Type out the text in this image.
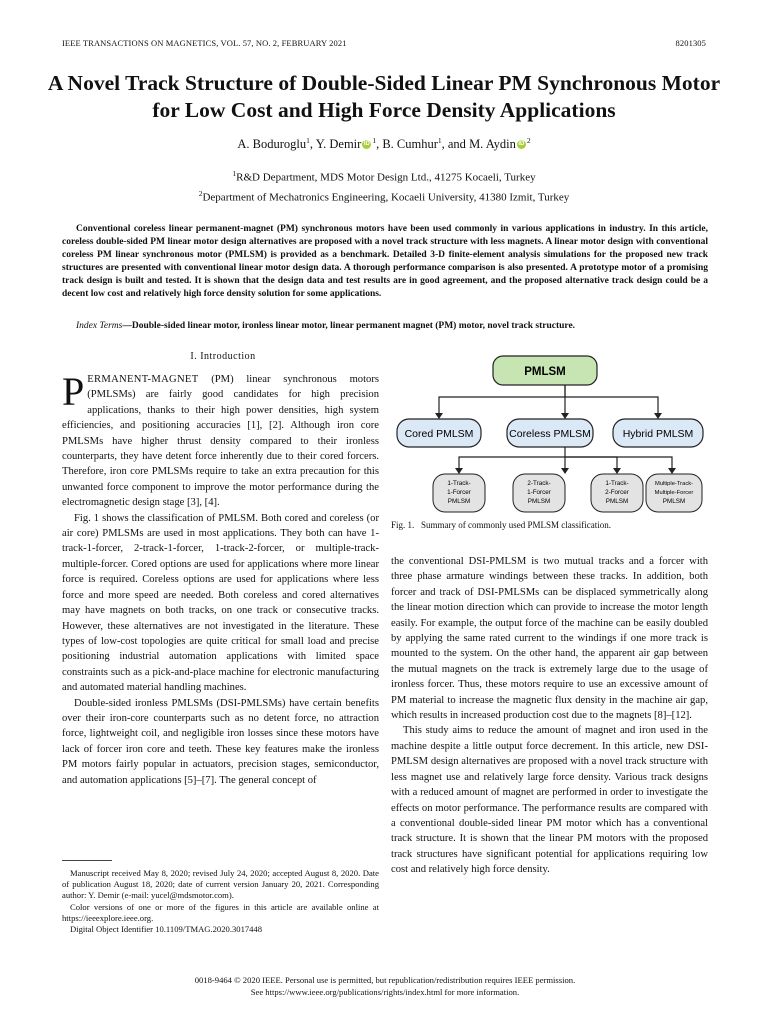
IEEE TRANSACTIONS ON MAGNETICS, VOL. 57, NO. 2, FEBRUARY 2021	8201305
A Novel Track Structure of Double-Sided Linear PM Synchronous Motor for Low Cost and High Force Density Applications
A. Boduroglu$^1$, Y. Demir iD $^1$, B. Cumhur$^1$, and M. Aydin iD $^2$
$^1$R&D Department, MDS Motor Design Ltd., 41275 Kocaeli, Turkey
$^2$Department of Mechatronics Engineering, Kocaeli University, 41380 Izmit, Turkey

Conventional coreless linear permanent-magnet (PM) synchronous motors have been used commonly in various applications in industry. In this article, coreless double-sided PM linear motor design alternatives are proposed with a novel track structure with less magnets. A linear motor design with conventional coreless PM linear synchronous motor (PMLSM) is provided as a benchmark. Detailed 3-D finite-element analysis simulations for the proposed new track structures are presented with conventional linear motor design data. A thorough performance comparison is also presented. A prototype motor of a promising track design is built and tested. It is shown that the design data and test results are in good agreement, and the proposed alternative track design could be a decent low cost and relatively high force density solution for some applications.

Index Terms—Double-sided linear motor, ironless linear motor, linear permanent magnet (PM) motor, novel track structure.

I. Introduction

PERMANENT-MAGNET (PM) linear synchronous motors (PMLSMs) are fairly good candidates for high precision applications, thanks to their high power densities, high system efficiencies, and positioning accuracies [1], [2]. Although iron core PMLSMs have higher thrust density compared to their ironless counterparts, they have detent force inherently due to their cored forcers. Therefore, iron core PMLSMs require to take an extra precaution for this unwanted force component to improve the motor performance during the electromagnetic design stage [3], [4].

Fig. 1 shows the classification of PMLSM. Both cored and coreless (or air core) PMLSMs are used in most applications. They both can have 1-track-1-forcer, 2-track-1-forcer, 1-track-2-forcer, or multiple-track-multiple-forcer. Cored options are used for applications where more linear force is required. Coreless options are used for applications where less force and more speed are needed. Both coreless and cored alternatives may have magnets on both tracks, on one track or consecutive tracks. However, these alternatives are not investigated in the literature. These types of low-cost topologies are quite critical for small load and precise positioning industrial automation applications with limited space constraints such as a pick-and-place machine for electronic manufacturing and automated material handling machines.

Double-sided ironless PMLSMs (DSI-PMLSMs) have certain benefits over their iron-core counterparts such as no detent force, no attraction force, lightweight coil, and negligible iron losses since these motors have lack of forcer iron core and teeth. These key features make the ironless PM motors fairly popular in actuators, precision stages, semiconductor, and automation applications [5]–[7]. The general concept of

Manuscript received May 8, 2020; revised July 24, 2020; accepted August 8, 2020. Date of publication August 18, 2020; date of current version January 20, 2021. Corresponding author: Y. Demir (e-mail: yucel@mdsmotor.com).
Color versions of one or more of the figures in this article are available online at https://ieeexplore.ieee.org.
Digital Object Identifier 10.1109/TMAG.2020.3017448
PMLSM
Cored PMLSM	Coreless PMLSM	Hybrid PMLSM
1-Track-
1-Forcer
PMLSM
2-Track-
1-Forcer
PMLSM
1-Track-
2-Forcer
PMLSM
Multiple-Track-
Multiple-Forcer
PMLSM
Fig. 1.   Summary of commonly used PMLSM classification.

the conventional DSI-PMLSM is two mutual tracks and a forcer with three phase armature windings between these tracks. In addition, both forcer and track of DSI-PMLSMs can be displaced symmetrically along the linear motion direction which can provide to increase the motor length easily. For example, the output force of the machine can be easily doubled by applying the same rated current to the windings if one more track is mounted to the system. On the other hand, the apparent air gap between the mutual magnets on the track is extremely large due to the usage of ironless forcer. Thus, these motors require to use an excessive amount of PM material to increase the magnetic flux density in the machine air gap, which results in increased production cost due to the magnets [8]–[12].

This study aims to reduce the amount of magnet and iron used in the machine despite a little output force decrement. In this article, new DSI-PMLSM design alternatives are proposed with a novel track structure with less magnet use and relatively large force density. Various track designs with a reduced amount of magnet are performed in order to investigate the effects on motor performance. The performance results are compared with a conventional double-sided linear PM motor which has a conventional track structure. It is shown that the linear PM motors with the proposed track structures have significant potential for applications requiring low cost and relatively high force density.

0018-9464 © 2020 IEEE. Personal use is permitted, but republication/redistribution requires IEEE permission.
See https://www.ieee.org/publications/rights/index.html for more information.
